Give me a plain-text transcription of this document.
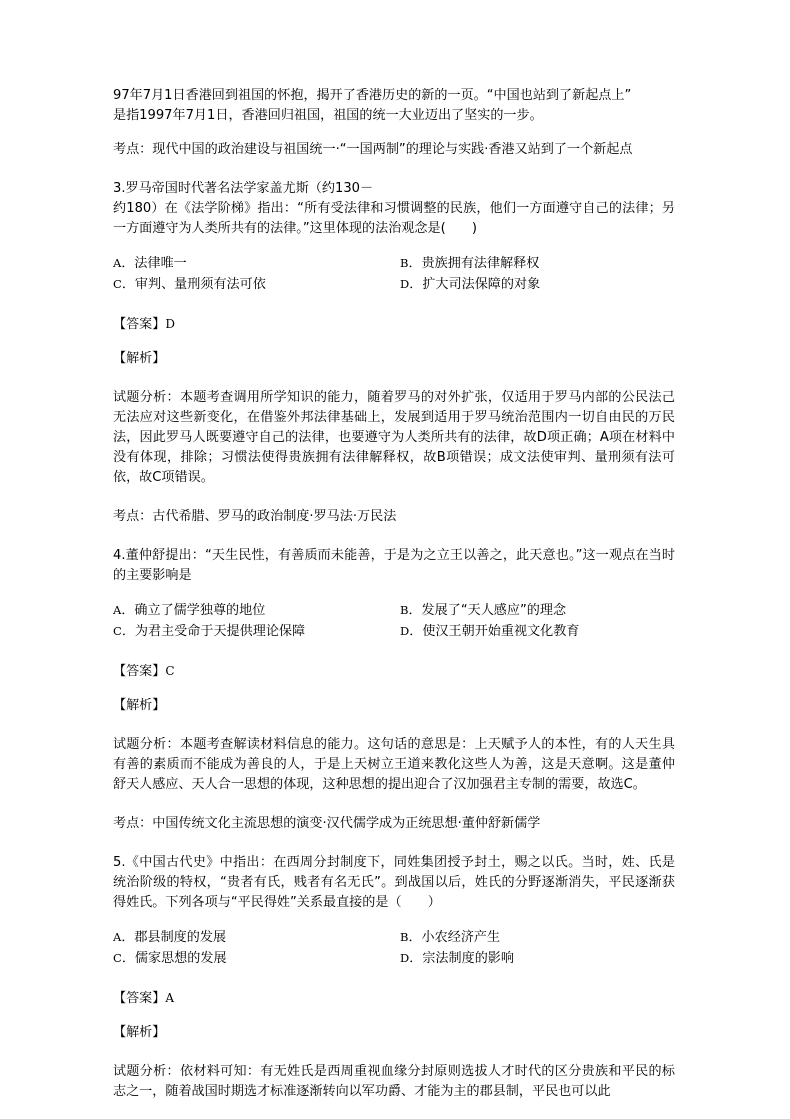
97年7月1日香港回到祖国的怀抱，揭开了香港历史的新的一页。“中国也站到了新起点上”
是指1997年7月1日，香港回归祖国，祖国的统一大业迈出了坚实的一步。

考点：现代中国的政治建设与祖国统一·“一国两制”的理论与实践·香港又站到了一个新起点

3.罗马帝国时代著名法学家盖尤斯（约130－
约180）在《法学阶梯》指出：“所有受法律和习惯调整的民族，他们一方面遵守自己的法律；另一方面遵守为人类所共有的法律。”这里体现的法治观念是(　　)

A．法律唯一	B．贵族拥有法律解释权
C．审判、量刑须有法可依	D．扩大司法保障的对象

【答案】D

【解析】

试题分析：本题考查调用所学知识的能力，随着罗马的对外扩张，仅适用于罗马内部的公民法己无法应对这些新变化，在借鉴外邦法律基础上，发展到适用于罗马统治范围内一切自由民的万民法，因此罗马人既要遵守自己的法律，也要遵守为人类所共有的法律，故D项正确；A项在材料中没有体现，排除；习惯法使得贵族拥有法律解释权，故B项错误；成文法使审判、量刑须有法可依，故C项错误。

考点：古代希腊、罗马的政治制度·罗马法·万民法

4.董仲舒提出：“天生民性，有善质而未能善，于是为之立王以善之，此天意也。”这一观点在当时的主要影响是

A．确立了儒学独尊的地位	B．发展了“天人感应”的理念
C．为君主受命于天提供理论保障	D．使汉王朝开始重视文化教育

【答案】C

【解析】

试题分析：本题考查解读材料信息的能力。这句话的意思是：上天赋予人的本性，有的人天生具有善的素质而不能成为善良的人，于是上天树立王道来教化这些人为善，这是天意啊。这是董仲舒天人感应、天人合一思想的体现，这种思想的提出迎合了汉加强君主专制的需要，故选C。

考点：中国传统文化主流思想的演变·汉代儒学成为正统思想·董仲舒新儒学

5.《中国古代史》中指出：在西周分封制度下，同姓集团授予封土，赐之以氏。当时，姓、氏是统治阶级的特权，“贵者有氏，贱者有名无氏”。到战国以后，姓氏的分野逐渐消失，平民逐渐获得姓氏。下列各项与“平民得姓”关系最直接的是（　　）

A．郡县制度的发展	B．小农经济产生
C．儒家思想的发展	D．宗法制度的影响

【答案】A

【解析】

试题分析：依材料可知：有无姓氏是西周重视血缘分封原则选拔人才时代的区分贵族和平民的标志之一，随着战国时期选才标准逐渐转向以军功爵、才能为主的郡县制，平民也可以此
